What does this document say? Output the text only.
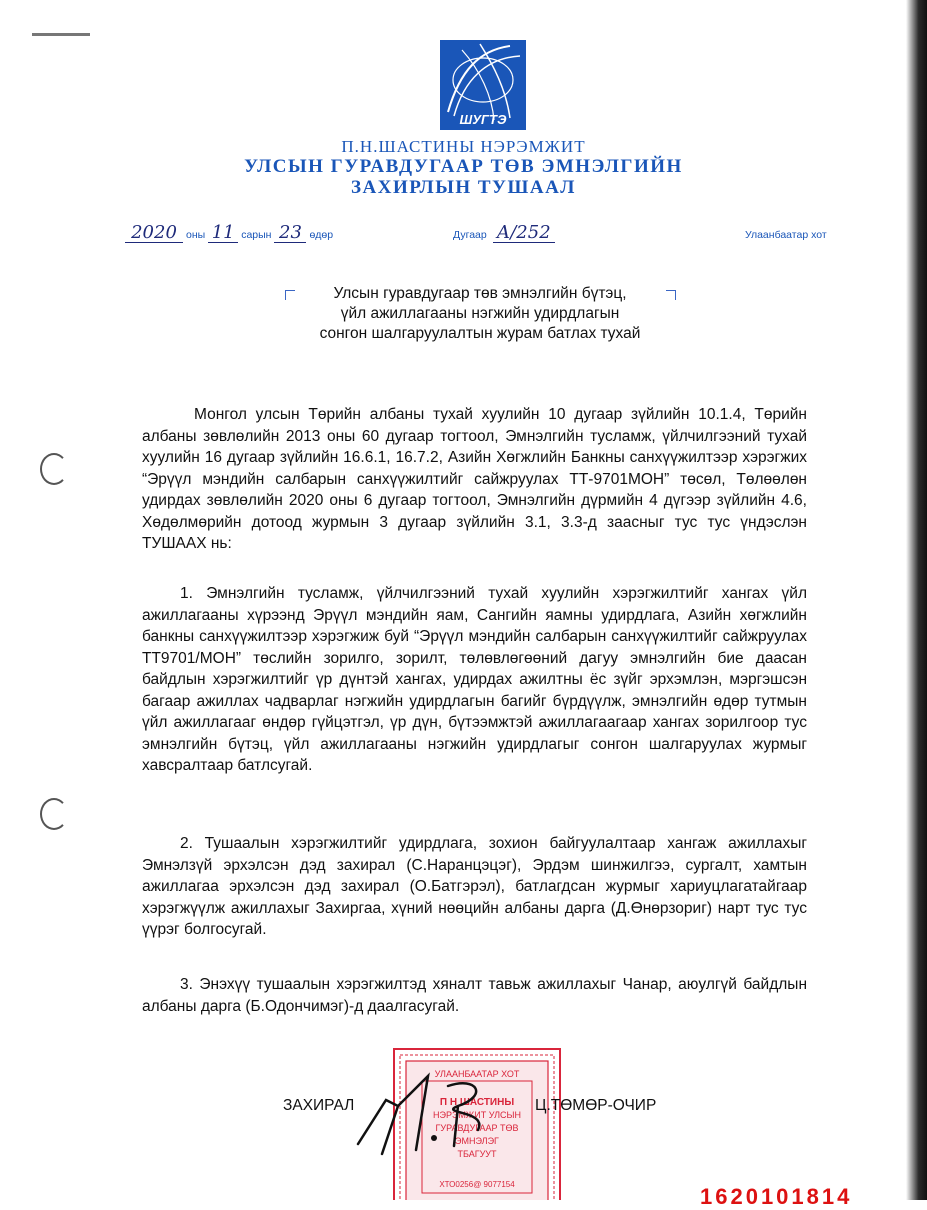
ШУГТЭ
П.Н.ШАСТИНЫ НЭРЭМЖИТ
УЛСЫН ГУРАВДУГААР ТӨВ ЭМНЭЛГИЙН
ЗАХИРЛЫН ТУШААЛ
2020 оны 11 сарын 23 өдөр	Дугаар А/252	Улаанбаатар хот
Улсын гуравдугаар төв эмнэлгийн бүтэц,
үйл ажиллагааны нэгжийн удирдлагын
сонгон шалгаруулалтын журам батлах тухай
Монгол улсын Төрийн албаны тухай хуулийн 10 дугаар зүйлийн 10.1.4, Төрийн албаны зөвлөлийн 2013 оны 60 дугаар тогтоол, Эмнэлгийн тусламж, үйлчилгээний тухай хуулийн 16 дугаар зүйлийн 16.6.1, 16.7.2, Азийн Хөгжлийн Банкны санхүүжилтээр хэрэгжих “Эрүүл мэндийн салбарын санхүүжилтийг сайжруулах ТТ-9701МОН” төсөл, Төлөөлөн удирдах зөвлөлийн 2020 оны 6 дугаар тогтоол, Эмнэлгийн дүрмийн 4 дүгээр зүйлийн 4.6, Хөдөлмөрийн дотоод журмын 3 дугаар зүйлийн 3.1, 3.3-д заасныг тус тус үндэслэн ТУШААХ нь:
1. Эмнэлгийн тусламж, үйлчилгээний тухай хуулийн хэрэгжилтийг хангах үйл ажиллагааны хүрээнд Эрүүл мэндийн яам, Сангийн яамны удирдлага, Азийн хөгжлийн банкны санхүүжилтээр хэрэгжиж буй “Эрүүл мэндийн салбарын санхүүжилтийг сайжруулах ТТ9701/МОН” төслийн зорилго, зорилт, төлөвлөгөөний дагуу эмнэлгийн бие даасан байдлын хэрэгжилтийг үр дүнтэй хангах, удирдах ажилтны ёс зүйг эрхэмлэн, мэргэшсэн багаар ажиллах чадварлаг нэгжийн удирдлагын багийг бүрдүүлж, эмнэлгийн өдөр тутмын үйл ажиллагааг өндөр гүйцэтгэл, үр дүн, бүтээмжтэй ажиллагаагаар хангах зорилгоор тус эмнэлгийн бүтэц, үйл ажиллагааны нэгжийн удирдлагыг сонгон шалгаруулах журмыг хавсралтаар батлсугай.
2. Тушаалын хэрэгжилтийг удирдлага, зохион байгуулалтаар хангаж ажиллахыг Эмнэлзүй эрхэлсэн дэд захирал (С.Наранцэцэг), Эрдэм шинжилгээ, сургалт, хамтын ажиллагаа эрхэлсэн дэд захирал (О.Батгэрэл), батлагдсан журмыг хариуцлагатайгаар хэрэгжүүлж ажиллахыг Захиргаа, хүний нөөцийн албаны дарга (Д.Өнөрзориг) нарт тус тус үүрэг болгосугай.
3. Энэхүү тушаалын хэрэгжилтэд хяналт тавьж ажиллахыг Чанар, аюулгүй байдлын албаны дарга (Б.Одончимэг)-д даалгасугай.
УЛААНБААТАР ХОТ
П Н ШАСТИНЫ
НЭРЭМЖИТ УЛСЫН
ГУРАВДУГААР ТӨВ
ЭМНЭЛЭГ
ТБАГУУТ
ХТО0256@ 9077154
ЗАХИРАЛ	Ц.ТӨМӨР-ОЧИР
1620101814
